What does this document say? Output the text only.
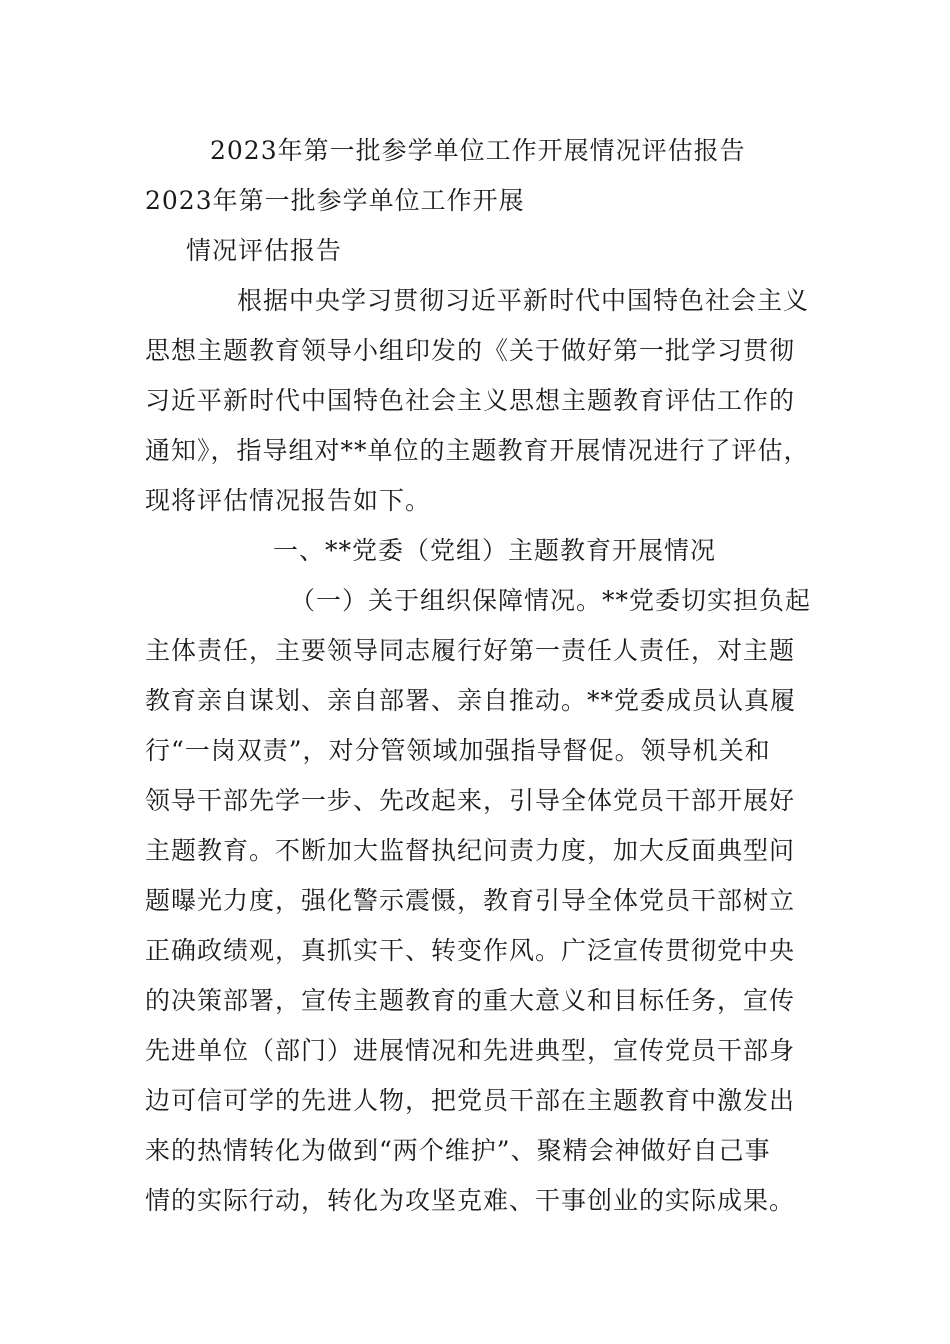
2023年第一批参学单位工作开展情况评估报告
2023年第一批参学单位工作开展
情况评估报告
根据中央学习贯彻习近平新时代中国特色社会主义
思想主题教育领导小组印发的《关于做好第一批学习贯彻
习近平新时代中国特色社会主义思想主题教育评估工作的
通知》，指导组对**单位的主题教育开展情况进行了评估，
现将评估情况报告如下。
一、**党委（党组）主题教育开展情况
（一）关于组织保障情况。**党委切实担负起
主体责任，主要领导同志履行好第一责任人责任，对主题
教育亲自谋划、亲自部署、亲自推动。**党委成员认真履
行“一岗双责”，对分管领域加强指导督促。领导机关和
领导干部先学一步、先改起来，引导全体党员干部开展好
主题教育。不断加大监督执纪问责力度，加大反面典型问
题曝光力度，强化警示震慑，教育引导全体党员干部树立
正确政绩观，真抓实干、转变作风。广泛宣传贯彻党中央
的决策部署，宣传主题教育的重大意义和目标任务，宣传
先进单位（部门）进展情况和先进典型，宣传党员干部身
边可信可学的先进人物，把党员干部在主题教育中激发出
来的热情转化为做到“两个维护”、聚精会神做好自己事
情的实际行动，转化为攻坚克难、干事创业的实际成果。
